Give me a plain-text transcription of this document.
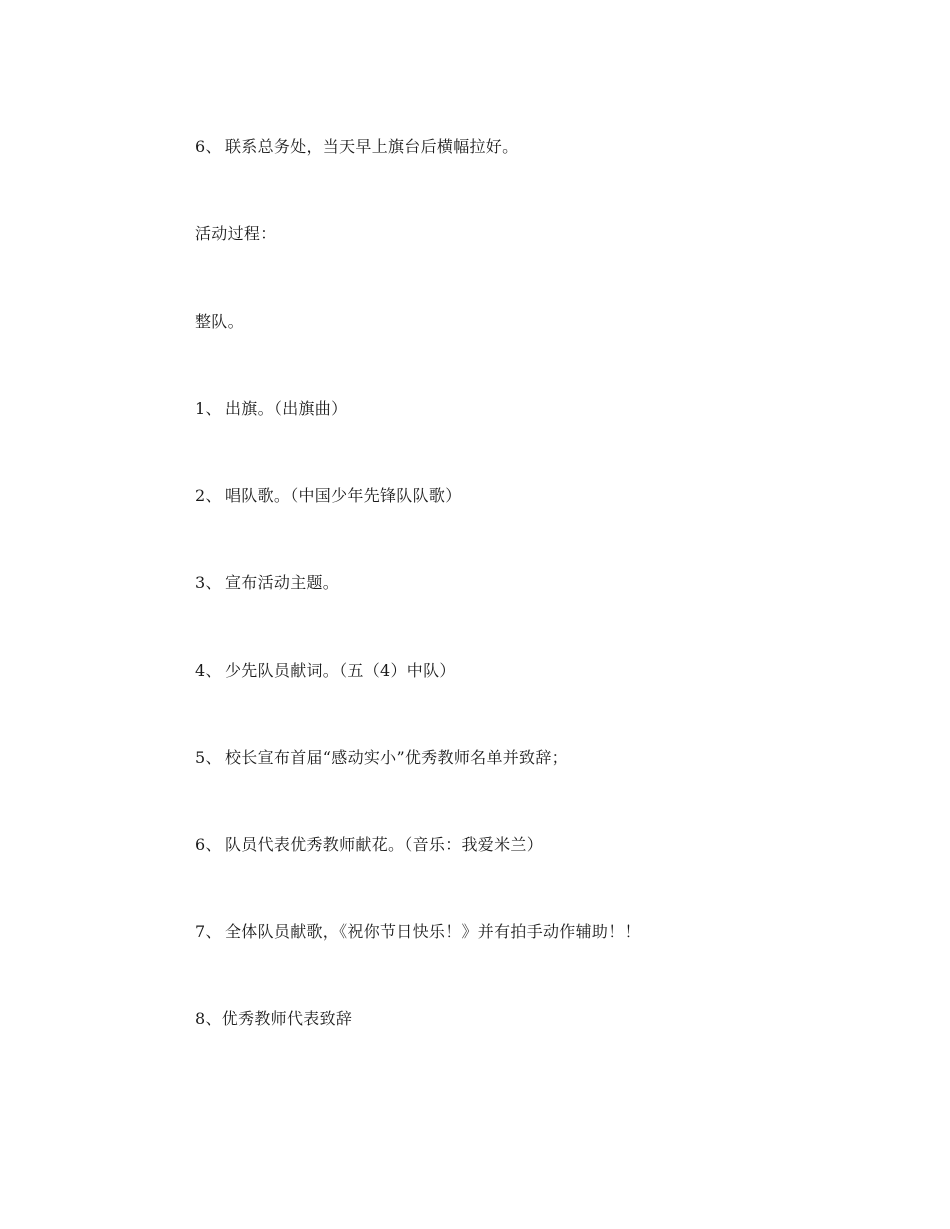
6、 联系总务处，当天早上旗台后横幅拉好。
活动过程：
整队。
1、 出旗。（出旗曲）
2、 唱队歌。（中国少年先锋队队歌）
3、 宣布活动主题。
4、 少先队员献词。（五（4）中队）
5、 校长宣布首届“感动实小”优秀教师名单并致辞；
6、 队员代表优秀教师献花。（音乐：我爱米兰）
7、 全体队员献歌，《祝你节日快乐！》并有拍手动作辅助！！
8、优秀教师代表致辞
